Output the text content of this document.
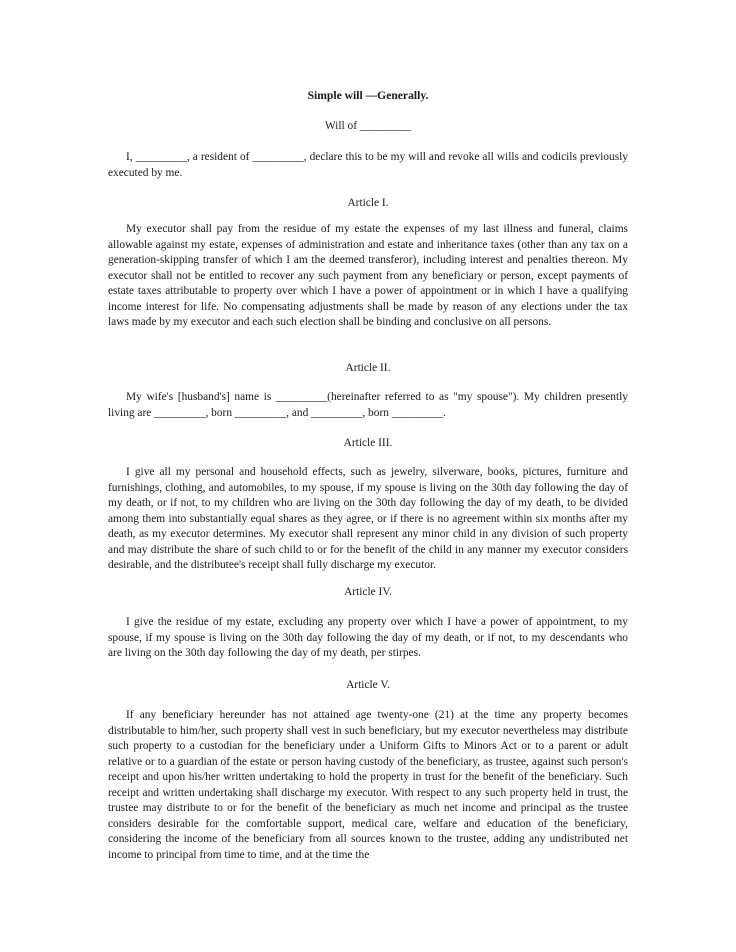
Simple will —Generally.
Will of _________

I, _________, a resident of _________, declare this to be my will and revoke all wills and codicils previously executed by me.

Article I.

My executor shall pay from the residue of my estate the expenses of my last illness and funeral, claims allowable against my estate, expenses of administration and estate and inheritance taxes (other than any tax on a generation-skipping transfer of which I am the deemed transferor), including interest and penalties thereon. My executor shall not be entitled to recover any such payment from any beneficiary or person, except payments of estate taxes attributable to property over which I have a power of appointment or in which I have a qualifying income interest for life. No compensating adjustments shall be made by reason of any elections under the tax laws made by my executor and each such election shall be binding and conclusive on all persons.

Article II.

My wife's [husband's] name is _________(hereinafter referred to as "my spouse"). My children presently living are _________, born _________, and _________, born _________.

Article III.

I give all my personal and household effects, such as jewelry, silverware, books, pictures, furniture and furnishings, clothing, and automobiles, to my spouse, if my spouse is living on the 30th day following the day of my death, or if not, to my children who are living on the 30th day following the day of my death, to be divided among them into substantially equal shares as they agree, or if there is no agreement within six months after my death, as my executor determines. My executor shall represent any minor child in any division of such property and may distribute the share of such child to or for the benefit of the child in any manner my executor considers desirable, and the distributee's receipt shall fully discharge my executor.

Article IV.

I give the residue of my estate, excluding any property over which I have a power of appointment, to my spouse, if my spouse is living on the 30th day following the day of my death, or if not, to my descendants who are living on the 30th day following the day of my death, per stirpes.

Article V.

If any beneficiary hereunder has not attained age twenty-one (21) at the time any property becomes distributable to him/her, such property shall vest in such beneficiary, but my executor nevertheless may distribute such property to a custodian for the beneficiary under a Uniform Gifts to Minors Act or to a parent or adult relative or to a guardian of the estate or person having custody of the beneficiary, as trustee, against such person's receipt and upon his/her written undertaking to hold the property in trust for the benefit of the beneficiary. Such receipt and written undertaking shall discharge my executor. With respect to any such property held in trust, the trustee may distribute to or for the benefit of the beneficiary as much net income and principal as the trustee considers desirable for the comfortable support, medical care, welfare and education of the beneficiary, considering the income of the beneficiary from all sources known to the trustee, adding any undistributed net income to principal from time to time, and at the time the
